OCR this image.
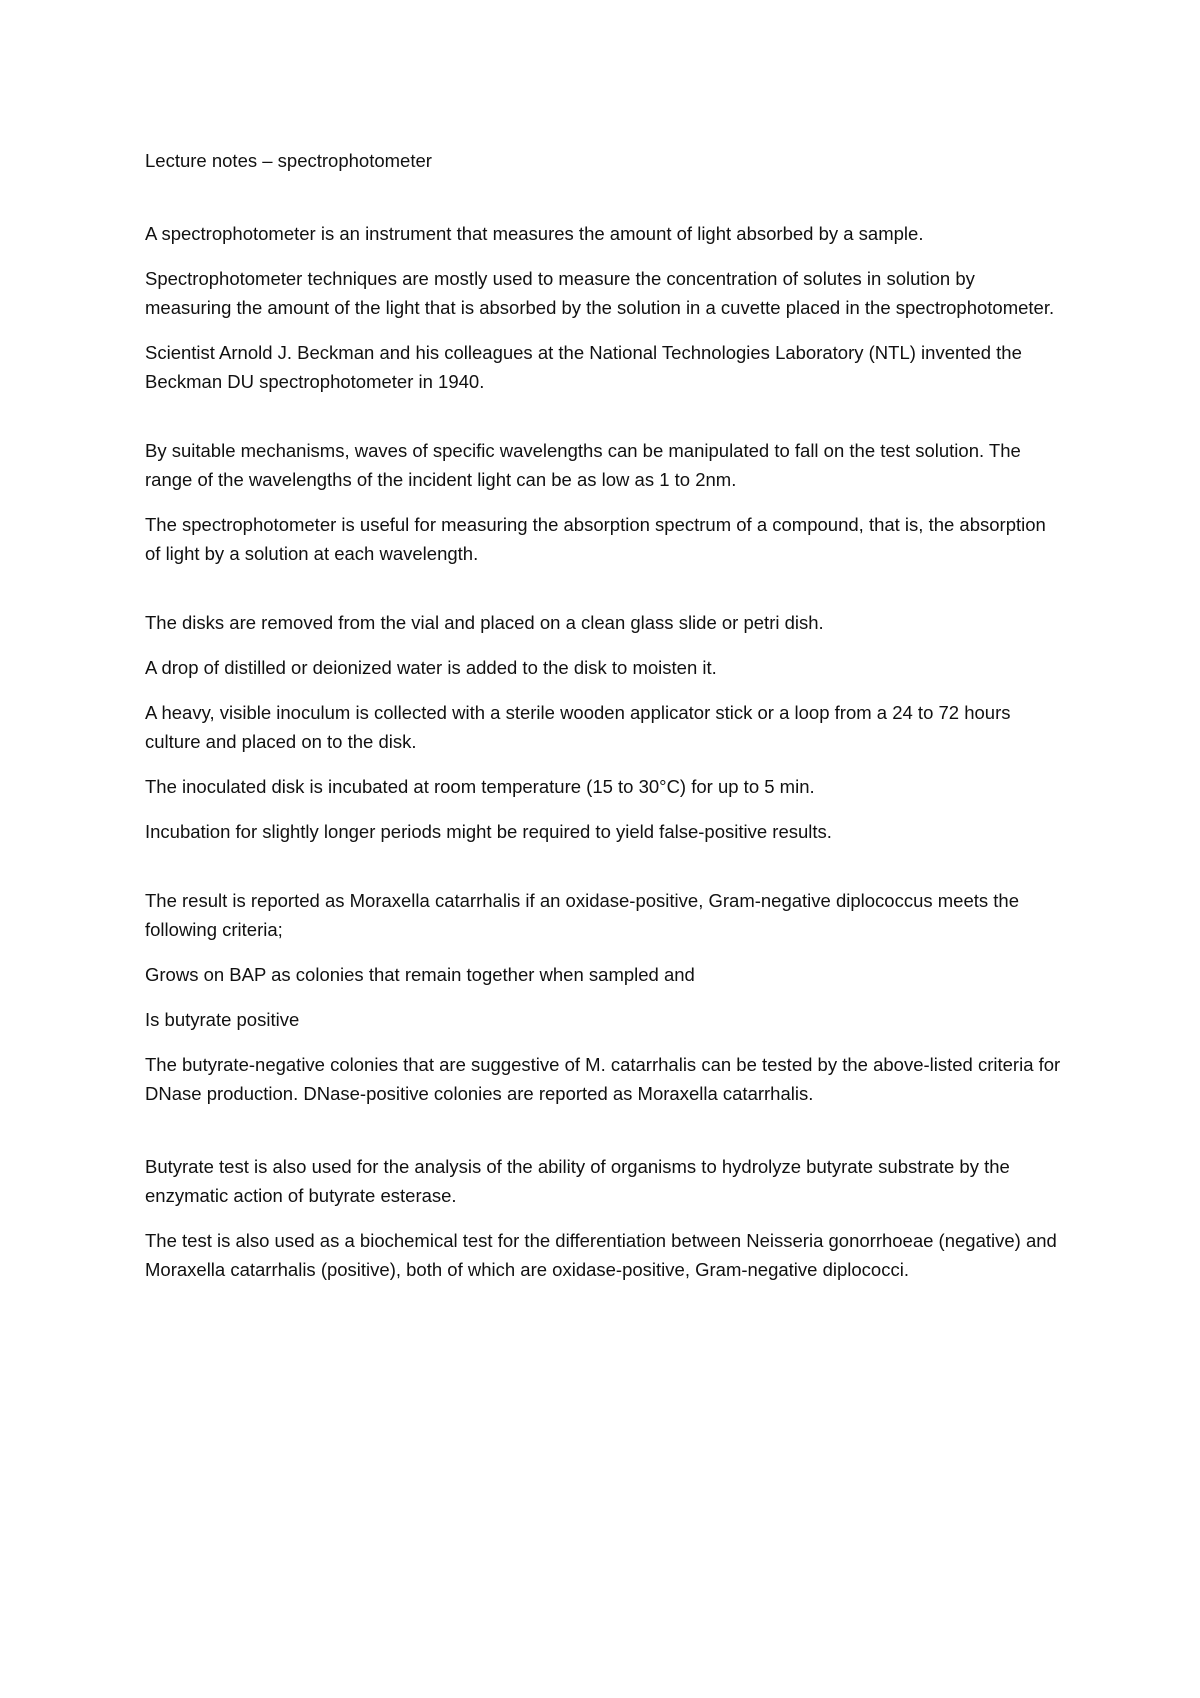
Lecture notes – spectrophotometer

A spectrophotometer is an instrument that measures the amount of light absorbed by a sample.

Spectrophotometer techniques are mostly used to measure the concentration of solutes in solution by measuring the amount of the light that is absorbed by the solution in a cuvette placed in the spectrophotometer.

Scientist Arnold J. Beckman and his colleagues at the National Technologies Laboratory (NTL) invented the Beckman DU spectrophotometer in 1940.

By suitable mechanisms, waves of specific wavelengths can be manipulated to fall on the test solution. The range of the wavelengths of the incident light can be as low as 1 to 2nm.

The spectrophotometer is useful for measuring the absorption spectrum of a compound, that is, the absorption of light by a solution at each wavelength.

The disks are removed from the vial and placed on a clean glass slide or petri dish.

A drop of distilled or deionized water is added to the disk to moisten it.

A heavy, visible inoculum is collected with a sterile wooden applicator stick or a loop from a 24 to 72 hours culture and placed on to the disk.

The inoculated disk is incubated at room temperature (15 to 30°C) for up to 5 min.

Incubation for slightly longer periods might be required to yield false-positive results.

The result is reported as Moraxella catarrhalis if an oxidase-positive, Gram-negative diplococcus meets the following criteria;

Grows on BAP as colonies that remain together when sampled and

Is butyrate positive

The butyrate-negative colonies that are suggestive of M. catarrhalis can be tested by the above-listed criteria for DNase production. DNase-positive colonies are reported as Moraxella catarrhalis.

Butyrate test is also used for the analysis of the ability of organisms to hydrolyze butyrate substrate by the enzymatic action of butyrate esterase.

The test is also used as a biochemical test for the differentiation between Neisseria gonorrhoeae (negative) and Moraxella catarrhalis (positive), both of which are oxidase-positive, Gram-negative diplococci.
